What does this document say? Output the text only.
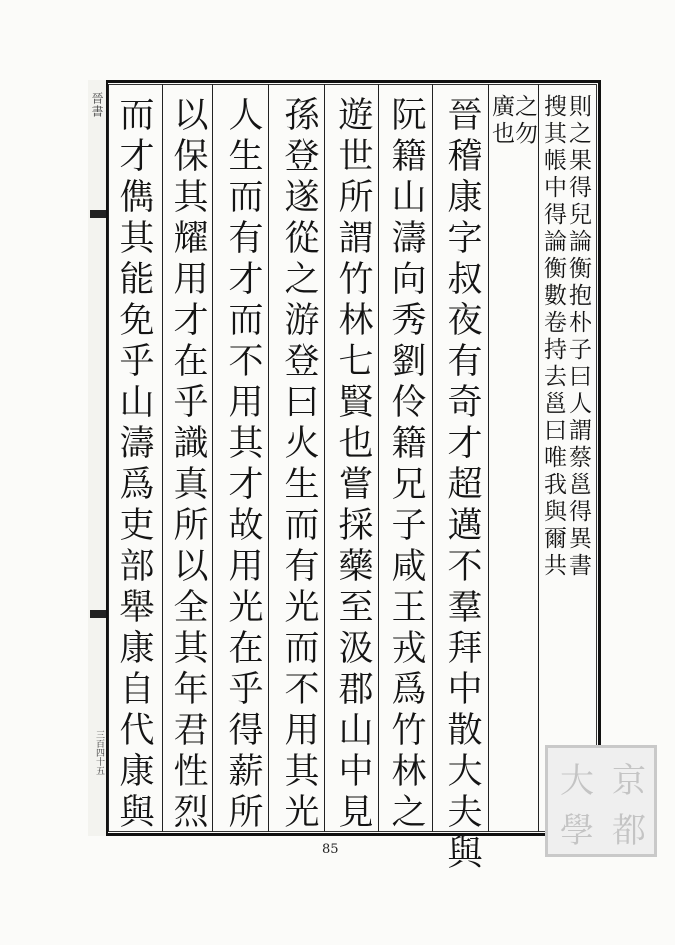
晉書
三百四十五
則之果得兒論衡抱朴子曰人謂蔡邕得異書
搜其帳中得論衡數卷持去邕曰唯我與爾共
之勿
廣也
晉稽康字叔夜有奇才超邁不羣拜中散大夫與
阮籍山濤向秀劉伶籍兄子咸王戎爲竹林之
遊世所謂竹林七賢也嘗採藥至汲郡山中見
孫登遂從之游登曰火生而有光而不用其光
人生而有才而不用其才故用光在乎得薪所
以保其耀用才在乎識真所以全其年君性烈
而才儁其能免乎山濤爲吏部舉康自代康與
85
京
都
大
學
